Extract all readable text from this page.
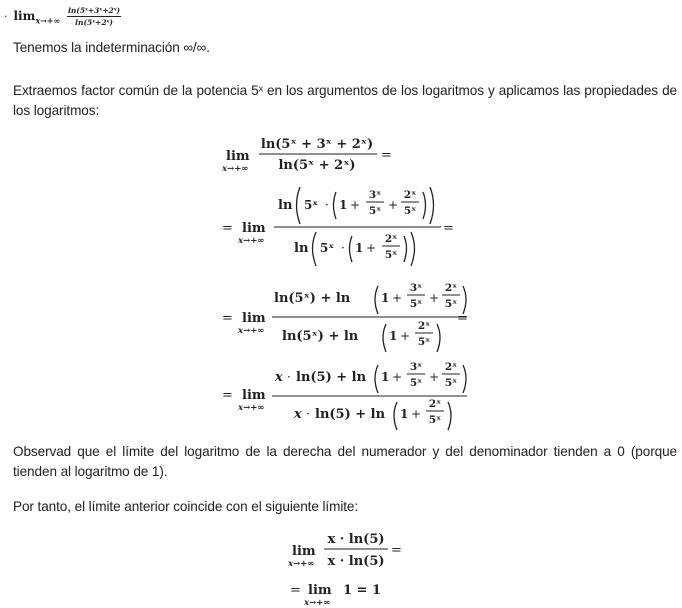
· $\lim_{x\to+\infty} \frac{\text{ln(5ˣ+3ˣ+2ˣ)}}{\text{ln(5ˣ+2ˣ)}}$

Tenemos la indeterminación ∞/∞.

Extraemos factor común de la potencia 5ˣ en los argumentos de los logaritmos y aplicamos las propiedades de los logaritmos:

Observad que el límite del logaritmo de la derecha del numerador y del denominador tienden a 0 (porque tienden al logaritmo de 1).

Por tanto, el límite anterior coincide con el siguiente límite:

lim
x→+∞
ln(5ˣ + 3ˣ + 2ˣ)
ln(5ˣ + 2ˣ)
=
= lim
x→+∞
ln 5ˣ · 1 +
3ˣ
5ˣ +
2ˣ
5ˣ
ln 5ˣ · 1 +
2ˣ
5ˣ
=
= lim
x→+∞
ln(5ˣ) + ln	1 +
3ˣ
5ˣ +
2ˣ
5ˣ
ln(5ˣ) + ln	1 +
2ˣ
5ˣ
=
= lim
x→+∞
x · ln(5) + ln 1 +
3ˣ
5ˣ +
2ˣ
5ˣ
x · ln(5) + ln 1 +
2ˣ
5ˣ
lim
x→+∞
x · ln(5)
x · ln(5)
=
= lim
x→+∞
1 = 1
